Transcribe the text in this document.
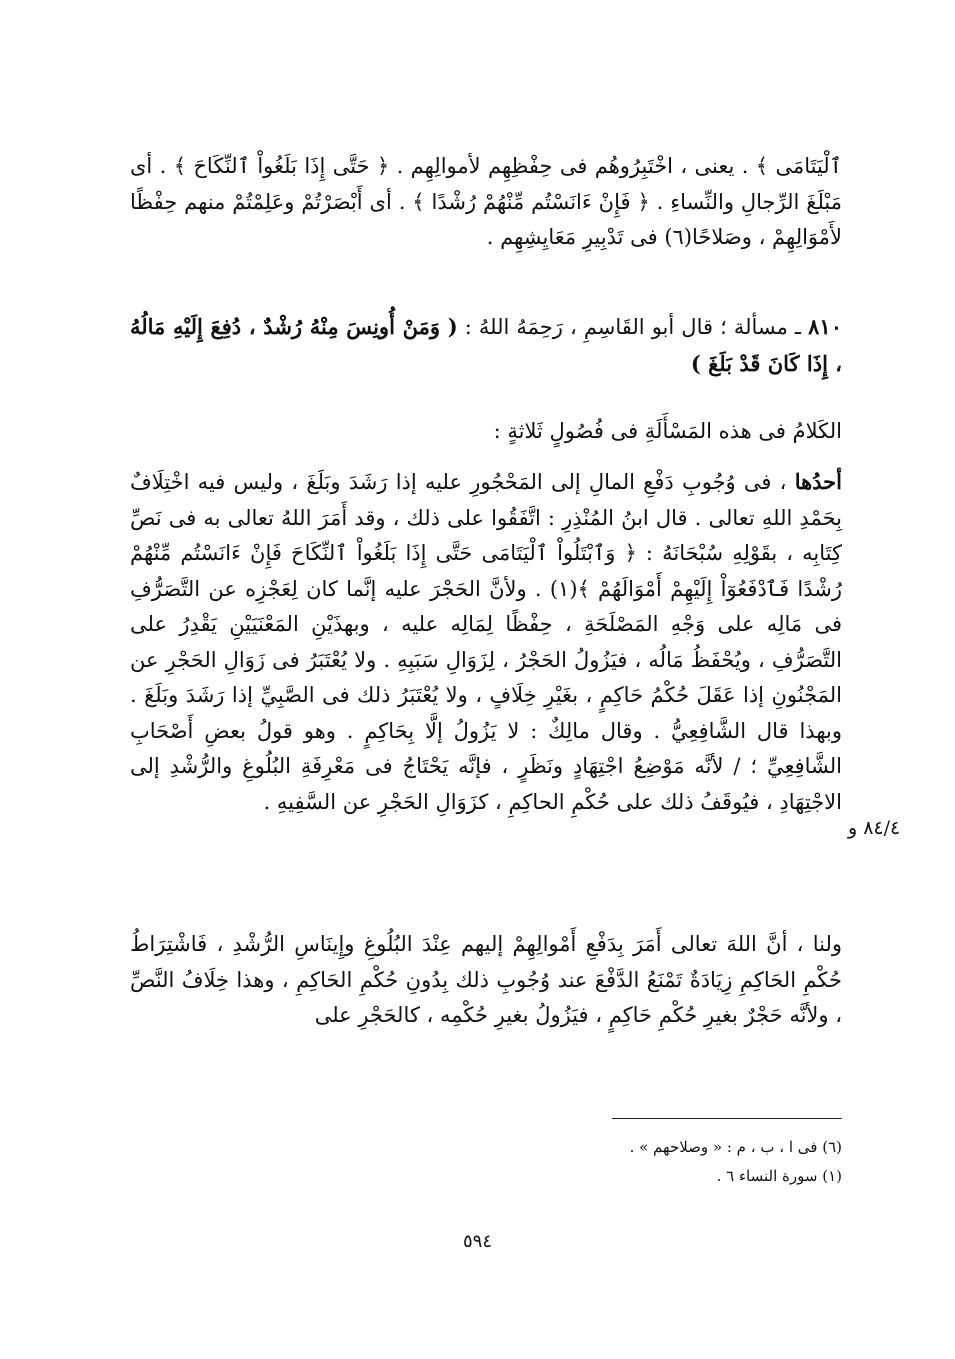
ٱلْيَتَامَى ﴾ . يعنى ، اخْتَبِرُوهُم فى حِفْظِهِم لأموالِهِم . ﴿ حَتَّى إِذَا بَلَغُواْ ٱلنِّكَاحَ ﴾ . أى مَبْلَغَ الرِّجالِ والنِّساءِ . ﴿ فَإِنْ ءَانَسْتُم مِّنْهُمْ رُشْدًا ﴾ . أى أَبْصَرْتُمْ وعَلِمْتُمْ منهم حِفْظًا لأَمْوَالِهِمْ ، وصَلاحًا(٦) فى تَدْبِيرِ مَعَايِشِهِم .

٨١٠ ـ مسألة ؛ قال أبو القَاسِمِ ، رَحِمَهُ اللهُ : ( وَمَنْ أُونِسَ مِنْهُ رُشْدٌ ، دُفِعَ إِلَيْهِ مَالُهُ ، إِذَا كَانَ قَدْ بَلَغَ )

الكَلامُ فى هذه المَسْأَلَةِ فى فُصُولٍ ثَلاثةٍ :

أحدُها ، فى وُجُوبِ دَفْعِ المالِ إلى المَحْجُورِ عليه إذا رَشَدَ وبَلَغَ ، وليس فيه اخْتِلَافٌ بِحَمْدِ اللهِ تعالى . قال ابنُ المُنْذِرِ : اتَّفَقُوا على ذلك ، وقد أَمَرَ اللهُ تعالى به فى نَصِّ كِتَابِه ، بقَوْلِهِ سُبْحَانَهُ : ﴿ وَٱبْتَلُواْ ٱلْيَتَامَى حَتَّى إِذَا بَلَغُواْ ٱلنِّكَاحَ فَإِنْ ءَانَسْتُم مِّنْهُمْ رُشْدًا فَٱدْفَعُوٓاْ إِلَيْهِمْ أَمْوَالَهُمْ ﴾(١) . ولأنَّ الحَجْرَ عليه إنَّما كان لِعَجْزِه عن التَّصَرُّفِ فى مَالِه على وَجْهِ المَصْلَحَةِ ، حِفْظًا لِمَالِه عليه ، وبهذَيْنِ المَعْنَيَيْنِ يَقْدِرُ على التَّصَرُّفِ ، ويُحْفَظُ مَالُه ، فيَزُولُ الحَجْرُ ، لِزَوَالِ سَبَبِهِ . ولا يُعْتَبَرُ فى زَوَالِ الحَجْرِ عن المَجْنُونِ إذا عَقَلَ حُكْمُ حَاكِمٍ ، بغَيْرِ خِلَافٍ ، ولا يُعْتَبَرُ ذلك فى الصَّبِيِّ إذا رَشَدَ وبَلَغَ . وبهذا قال الشَّافِعِيُّ . وقال مالِكٌ : لا يَزُولُ إلَّا بِحَاكِمٍ . وهو قولُ بعضِ أَصْحَابِ الشَّافِعِيِّ ؛ / لأنَّه مَوْضِعُ اجْتِهَادٍ ونَظَرٍ ، فإنَّه يَحْتَاجُ فى مَعْرِفَةِ البُلُوغِ والرُّشْدِ إلى الاجْتِهَادِ ، فيُوقَفُ ذلك على حُكْمِ الحاكِمِ ، كزَوَالِ الحَجْرِ عن السَّفِيهِ .

ولنا ، أنَّ اللهَ تعالى أَمَرَ بِدَفْعِ أَمْوالِهِمْ إليهم عِنْدَ البُلُوغِ وإِينَاسِ الرُّشْدِ ، فَاشْتِرَاطُ حُكْمِ الحَاكِمِ زِيَادَةٌ تَمْنَعُ الدَّفْعَ عند وُجُوبِ ذلك بِدُونِ حُكْمِ الحَاكِمِ ، وهذا خِلَافُ النَّصِّ ، ولأنَّه حَجْرٌ بغيرِ حُكْمِ حَاكِمٍ ، فيَزُولُ بغيرِ حُكْمِه ، كالحَجْرِ على

٨٤/٤ و
(٦) فى ا ، ب ، م : « وصلاحهم » .
(١) سورة النساء ٦ .
٥٩٤
